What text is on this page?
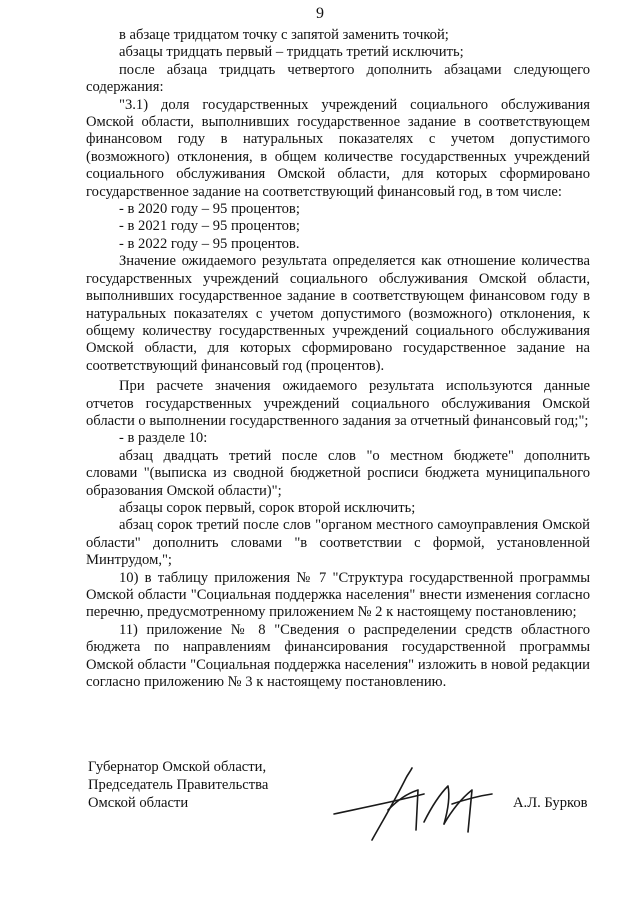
9

в абзаце тридцатом точку с запятой заменить точкой;

абзацы тридцать первый – тридцать третий исключить;

после абзаца тридцать четвертого дополнить абзацами следующего содержания:

"3.1) доля государственных учреждений социального обслуживания Омской области, выполнивших государственное задание в соответствующем финансовом году в натуральных показателях с учетом допустимого (возможного) отклонения, в общем количестве государственных учреждений социального обслуживания Омской области, для которых сформировано государственное задание на соответствующий финансовый год, в том числе:

- в 2020 году – 95 процентов;

- в 2021 году – 95 процентов;

- в 2022 году – 95 процентов.

Значение ожидаемого результата определяется как отношение количества государственных учреждений социального обслуживания Омской области, выполнивших государственное задание в соответствующем финансовом году в натуральных показателях с учетом допустимого (возможного) отклонения, к общему количеству государственных учреждений социального обслуживания Омской области, для которых сформировано государственное задание на соответствующий финансовый год (процентов).

При расчете значения ожидаемого результата используются данные отчетов государственных учреждений социального обслуживания Омской области о выполнении государственного задания за отчетный финансовый год;";

- в разделе 10:

абзац двадцать третий после слов "о местном бюджете" дополнить словами "(выписка из сводной бюджетной росписи бюджета муниципального образования Омской области)";

абзацы сорок первый, сорок второй исключить;

абзац сорок третий после слов "органом местного самоуправления Омской области" дополнить словами "в соответствии с формой, установленной Минтрудом,";

10) в таблицу приложения № 7 "Структура государственной программы Омской области "Социальная поддержка населения" внести изменения согласно перечню, предусмотренному приложением № 2 к настоящему постановлению;

11) приложение № 8 "Сведения о распределении средств областного бюджета по направлениям финансирования государственной программы Омской области "Социальная поддержка населения" изложить в новой редакции согласно приложению № 3 к настоящему постановлению.

Губернатор Омской области,
Председатель Правительства
Омской области	А.Л. Бурков
